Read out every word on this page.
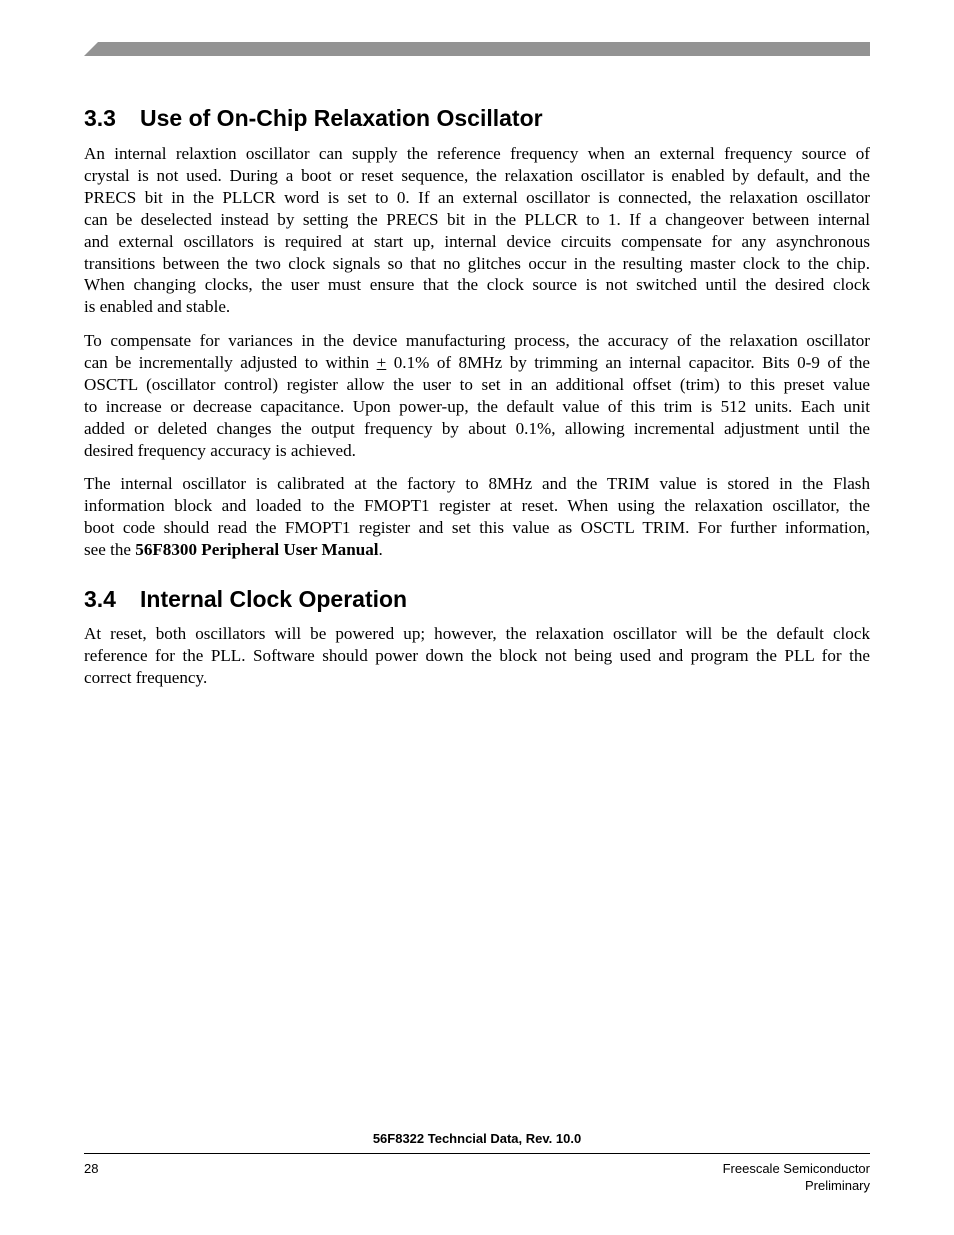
3.3 Use of On-Chip Relaxation Oscillator

An internal relaxtion oscillator can supply the reference frequency when an external frequency source of
crystal is not used. During a boot or reset sequence, the relaxation oscillator is enabled by default, and the
PRECS bit in the PLLCR word is set to 0. If an external oscillator is connected, the relaxation oscillator
can be deselected instead by setting the PRECS bit in the PLLCR to 1. If a changeover between internal
and external oscillators is required at start up, internal device circuits compensate for any asynchronous
transitions between the two clock signals so that no glitches occur in the resulting master clock to the chip.
When changing clocks, the user must ensure that the clock source is not switched until the desired clock
is enabled and stable.

To compensate for variances in the device manufacturing process, the accuracy of the relaxation oscillator
can be incrementally adjusted to within + 0.1% of 8MHz by trimming an internal capacitor. Bits 0-9 of the
OSCTL (oscillator control) register allow the user to set in an additional offset (trim) to this preset value
to increase or decrease capacitance. Upon power-up, the default value of this trim is 512 units. Each unit
added or deleted changes the output frequency by about 0.1%, allowing incremental adjustment until the
desired frequency accuracy is achieved.

The internal oscillator is calibrated at the factory to 8MHz and the TRIM value is stored in the Flash
information block and loaded to the FMOPT1 register at reset. When using the relaxation oscillator, the
boot code should read the FMOPT1 register and set this value as OSCTL TRIM. For further information,
see the 56F8300 Peripheral User Manual.

3.4 Internal Clock Operation

At reset, both oscillators will be powered up; however, the relaxation oscillator will be the default clock
reference for the PLL. Software should power down the block not being used and program the PLL for the
correct frequency.

56F8322 Techncial Data, Rev. 10.0
28	Freescale Semiconductor
Preliminary
